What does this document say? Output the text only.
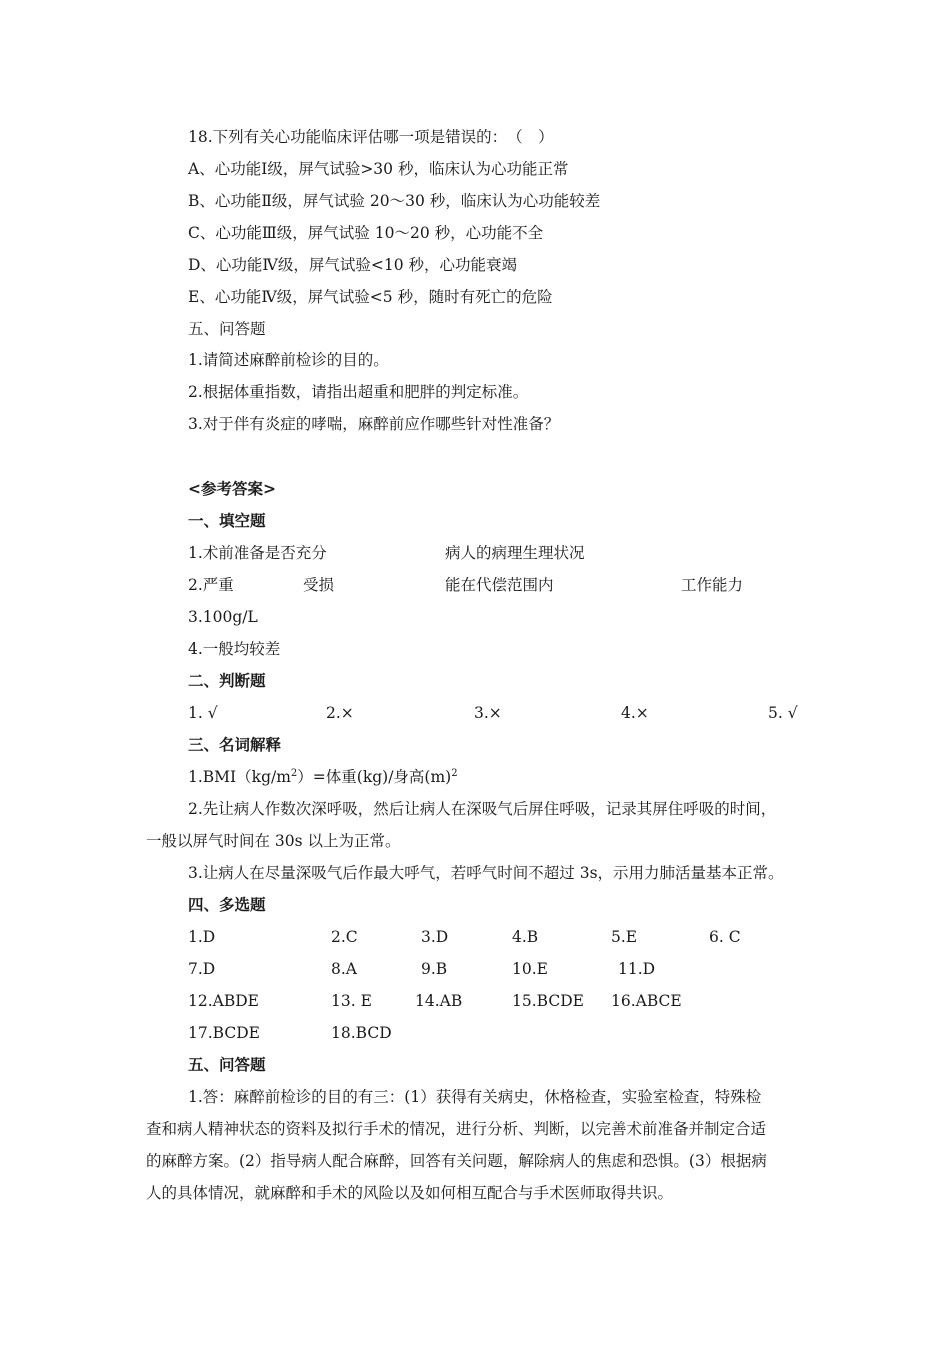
18.下列有关心功能临床评估哪一项是错误的：　（　）
A、心功能Ⅰ级，屏气试验>30 秒，临床认为心功能正常
B、心功能Ⅱ级，屏气试验 20～30 秒，临床认为心功能较差
C、心功能Ⅲ级，屏气试验 10～20 秒，心功能不全
D、心功能Ⅳ级，屏气试验<10 秒，心功能衰竭
E、心功能Ⅳ级，屏气试验<5 秒，随时有死亡的危险
五、问答题
1.请简述麻醉前检诊的目的。
2.根据体重指数，请指出超重和肥胖的判定标准。
3.对于伴有炎症的哮喘，麻醉前应作哪些针对性准备？
<参考答案>
一、填空题
1.术前准备是否充分	病人的病理生理状况
2.严重	受损	能在代偿范围内	工作能力
3.100g/L
4.一般均较差
二、判断题
1. √	2.×	3.×	4.×	5. √
三、名词解释
$1.BMI(kg/m^2)=$体重(kg)/身高$(m)^2$
2.先让病人作数次深呼吸，然后让病人在深吸气后屏住呼吸，记录其屏住呼吸的时间，
一般以屏气时间在 30s 以上为正常。
3.让病人在尽量深吸气后作最大呼气，若呼气时间不超过 3s，示用力肺活量基本正常。
四、多选题
1.D	2.C	3.D	4.B	5.E	6. C
7.D	8.A	9.B	10.E	11.D
12.ABDE	13. E	14.AB	15.BCDE 16.ABCE
17.BCDE	18.BCD
五、问答题
1.答：麻醉前检诊的目的有三：(1）获得有关病史，休格检查，实验室检查，特殊检
查和病人精神状态的资料及拟行手术的情况，进行分析、判断，以完善术前准备并制定合适
的麻醉方案。(2）指导病人配合麻醉，回答有关问题，解除病人的焦虑和恐惧。(3）根据病
人的具体情况，就麻醉和手术的风险以及如何相互配合与手术医师取得共识。
